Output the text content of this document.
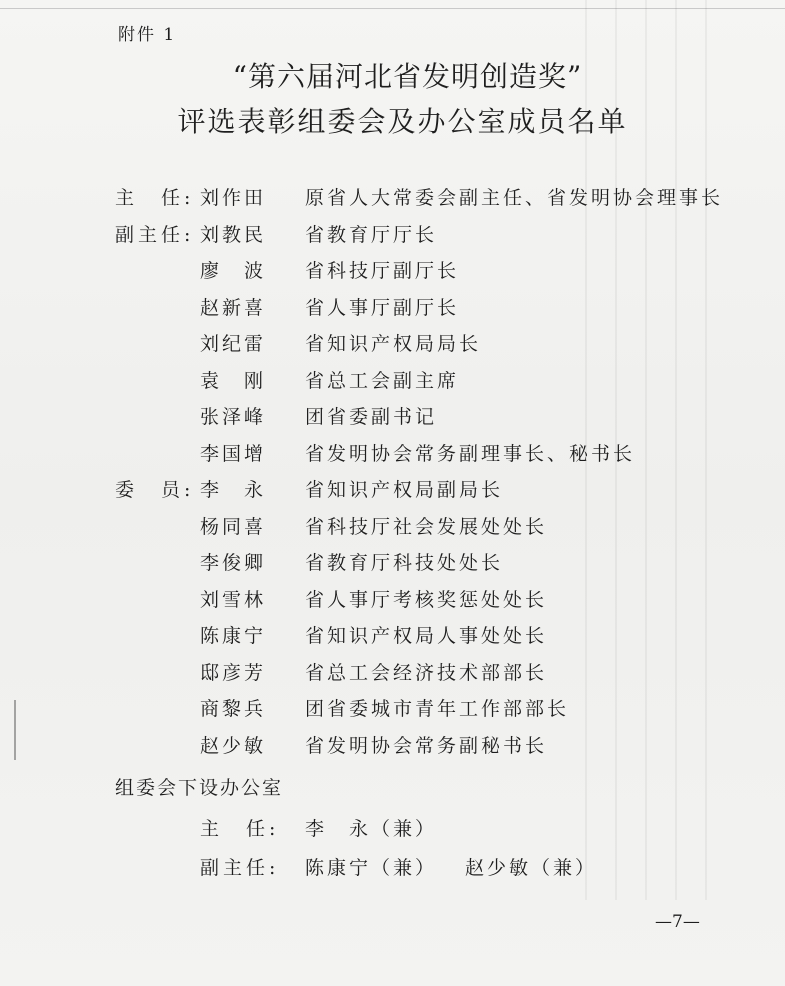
附件 1
“第六届河北省发明创造奖”
评选表彰组委会及办公室成员名单
主　任: 刘作田	原省人大常委会副主任、省发明协会理事长
副主任: 刘教民	省教育厅厅长
廖　波	省科技厅副厅长
赵新喜	省人事厅副厅长
刘纪雷	省知识产权局局长
袁　刚	省总工会副主席
张泽峰	团省委副书记
李国增	省发明协会常务副理事长、秘书长
委　员: 李　永	省知识产权局副局长
杨同喜	省科技厅社会发展处处长
李俊卿	省教育厅科技处处长
刘雪林	省人事厅考核奖惩处处长
陈康宁	省知识产权局人事处处长
邸彦芳	省总工会经济技术部部长
商黎兵	团省委城市青年工作部部长
赵少敏	省发明协会常务副秘书长
组委会下设办公室
主　任: 李　永（兼）
副主任: 陈康宁（兼） 赵少敏（兼）
—7—
